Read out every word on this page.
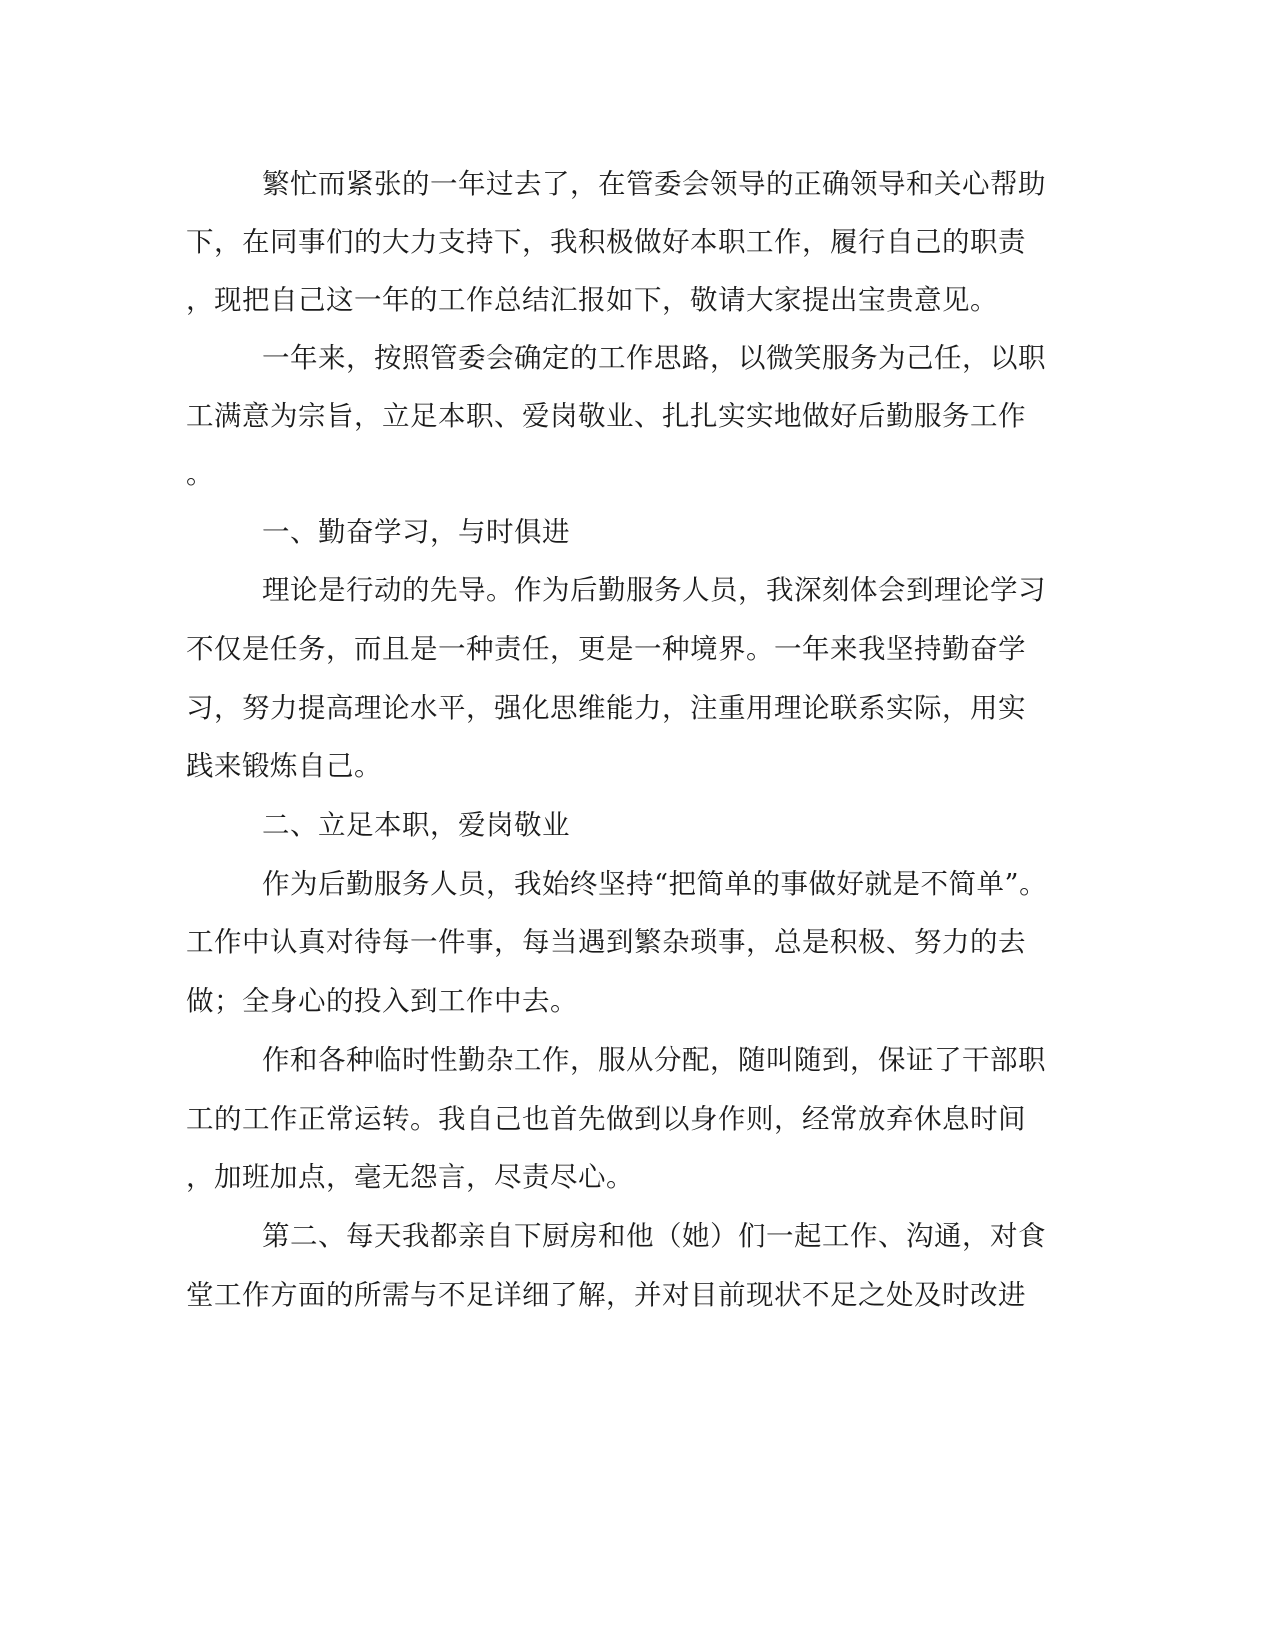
繁忙而紧张的一年过去了，在管委会领导的正确领导和关心帮助
下，在同事们的大力支持下，我积极做好本职工作，履行自己的职责
，现把自己这一年的工作总结汇报如下，敬请大家提出宝贵意见。
一年来，按照管委会确定的工作思路，以微笑服务为己任，以职
工满意为宗旨，立足本职、爱岗敬业、扎扎实实地做好后勤服务工作
。
一、勤奋学习，与时俱进
理论是行动的先导。作为后勤服务人员，我深刻体会到理论学习
不仅是任务，而且是一种责任，更是一种境界。一年来我坚持勤奋学
习，努力提高理论水平，强化思维能力，注重用理论联系实际，用实
践来锻炼自己。
二、立足本职，爱岗敬业
作为后勤服务人员，我始终坚持“把简单的事做好就是不简单”。
工作中认真对待每一件事，每当遇到繁杂琐事，总是积极、努力的去
做；全身心的投入到工作中去。
作和各种临时性勤杂工作，服从分配，随叫随到，保证了干部职
工的工作正常运转。我自己也首先做到以身作则，经常放弃休息时间
，加班加点，毫无怨言，尽责尽心。
第二、每天我都亲自下厨房和他（她）们一起工作、沟通，对食
堂工作方面的所需与不足详细了解，并对目前现状不足之处及时改进
